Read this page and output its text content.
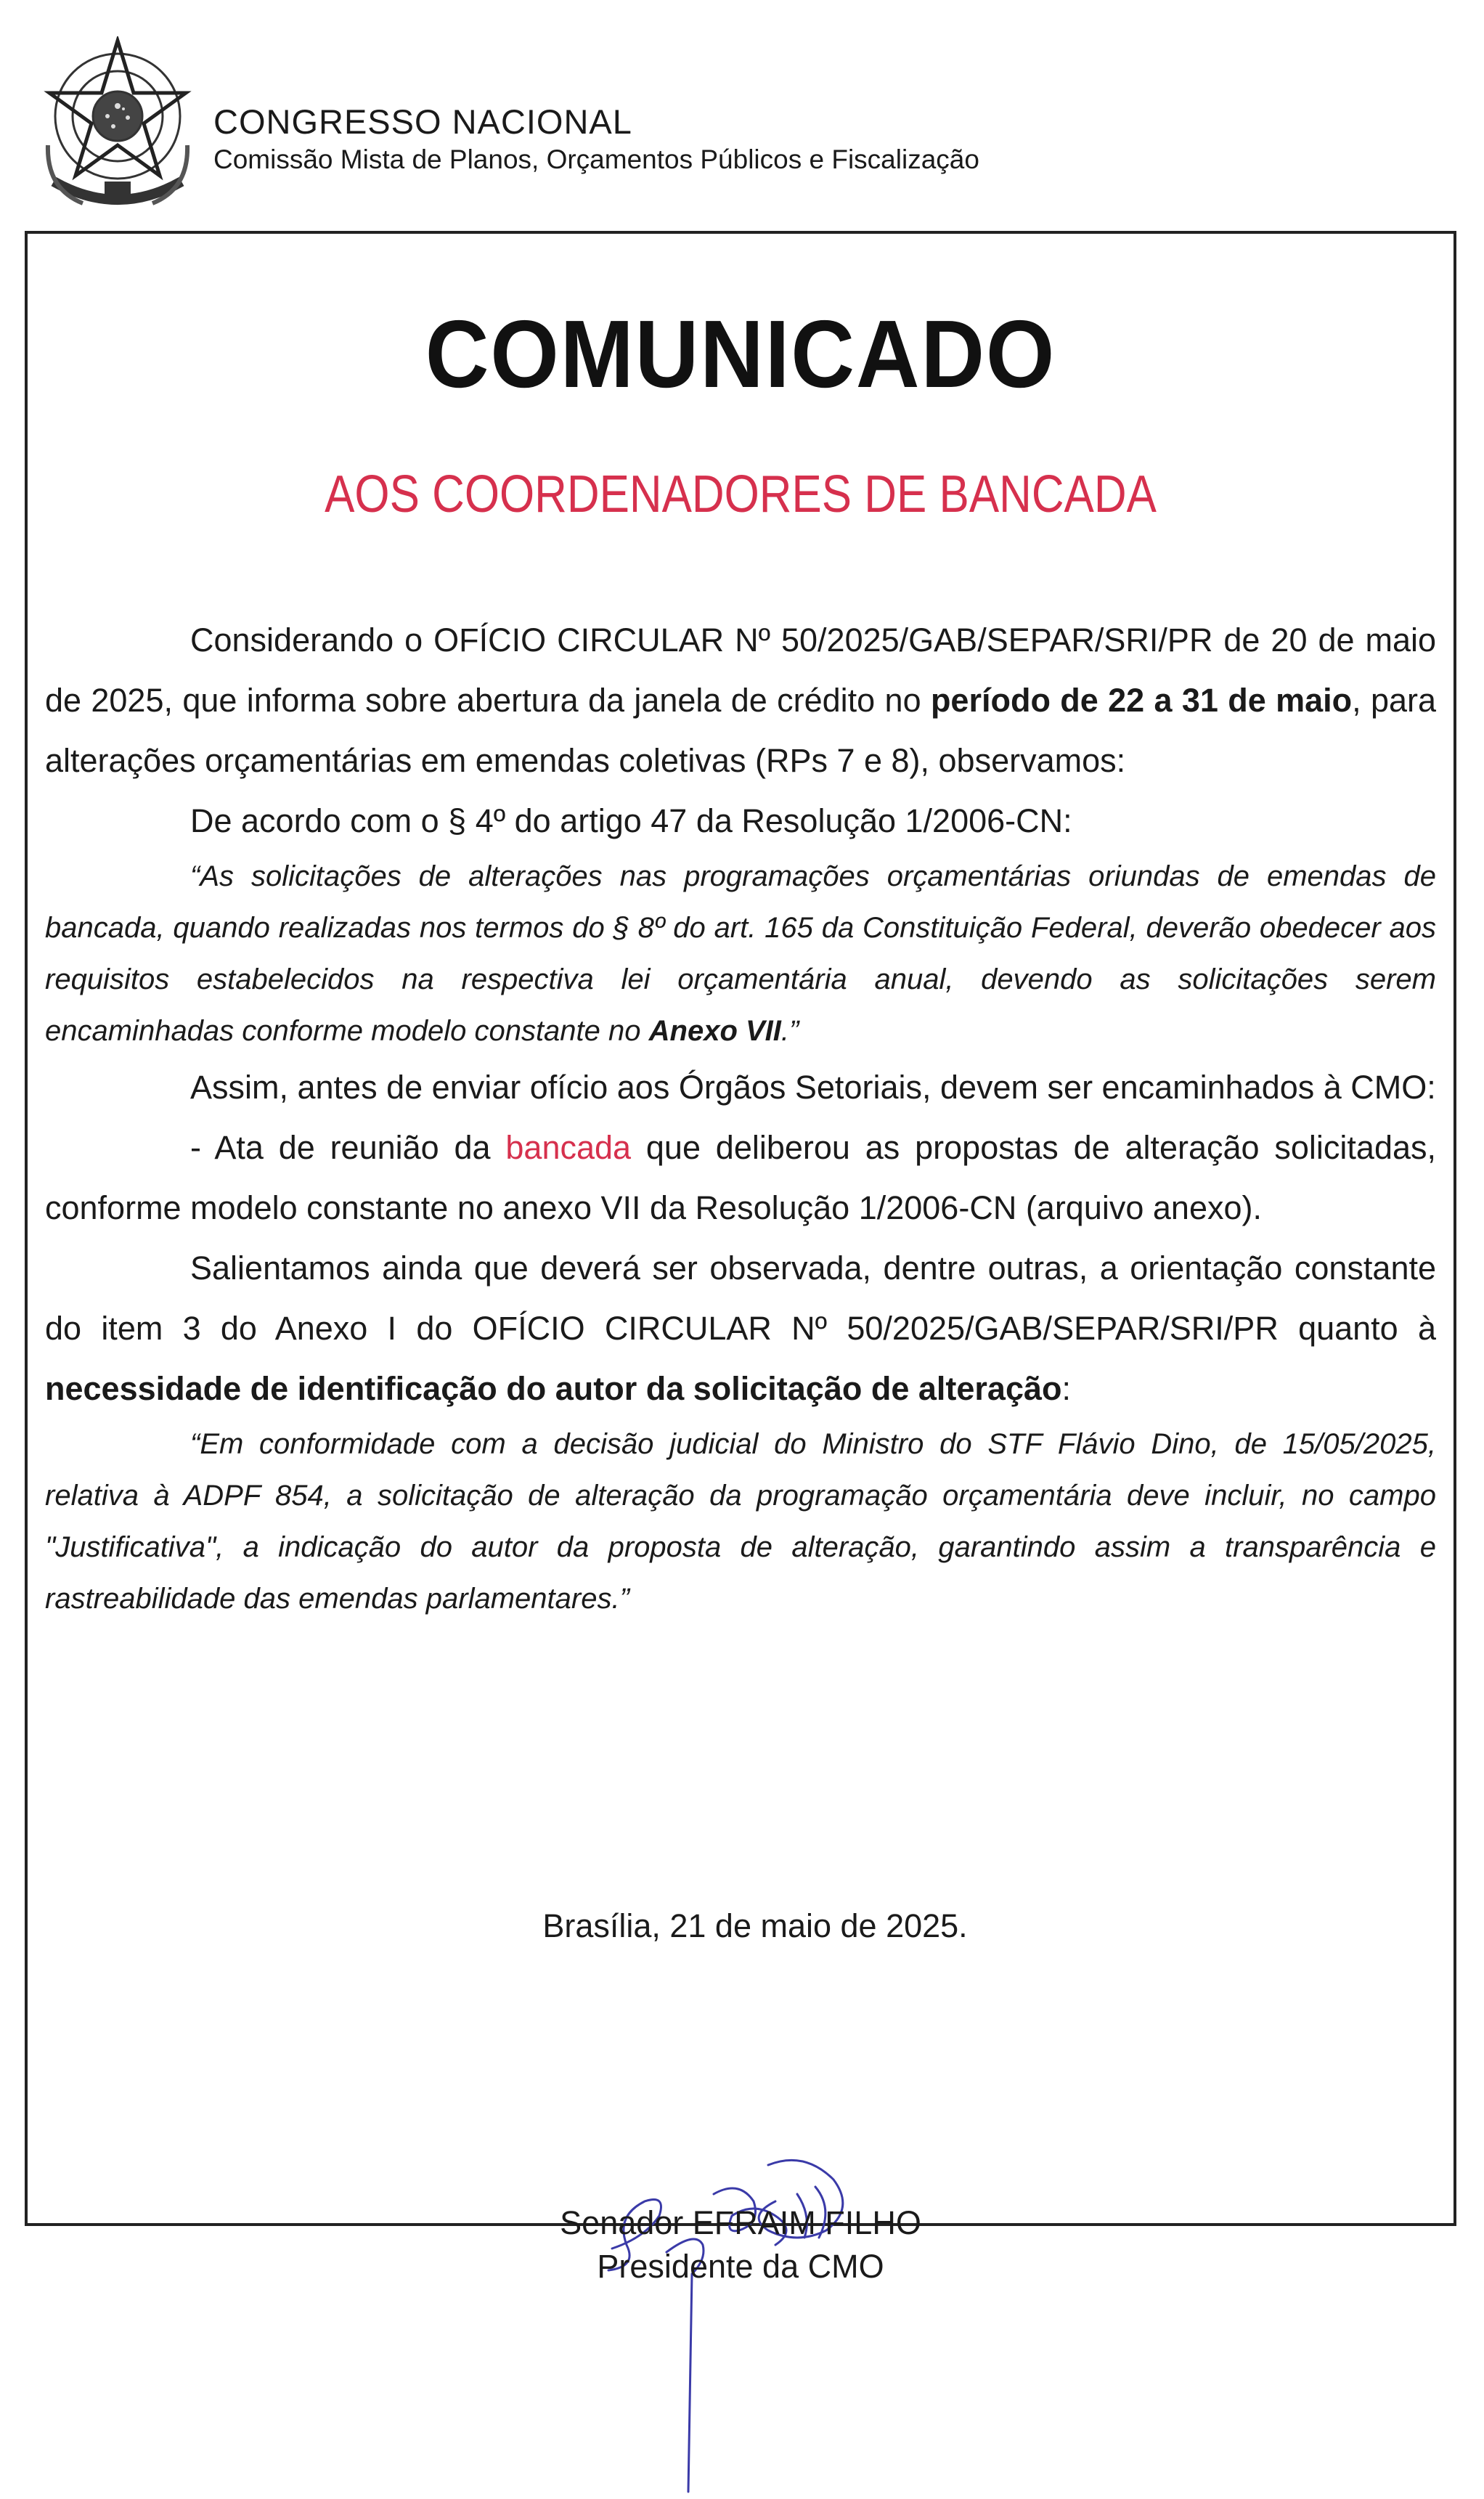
CONGRESSO NACIONAL
Comissão Mista de Planos, Orçamentos Públicos e Fiscalização
COMUNICADO
AOS COORDENADORES DE BANCADA

Considerando o OFÍCIO CIRCULAR Nº 50/2025/GAB/SEPAR/SRI/PR de 20 de maio de 2025, que informa sobre abertura da janela de crédito no período de 22 a 31 de maio, para alterações orçamentárias em emendas coletivas (RPs 7 e 8), observamos:

De acordo com o § 4º do artigo 47 da Resolução 1/2006-CN:

“As solicitações de alterações nas programações orçamentárias oriundas de emendas de bancada, quando realizadas nos termos do § 8º do art. 165 da Constituição Federal, deverão obedecer aos requisitos estabelecidos na respectiva lei orçamentária anual, devendo as solicitações serem encaminhadas conforme modelo constante no Anexo VII.”

Assim, antes de enviar ofício aos Órgãos Setoriais, devem ser encaminhados à CMO:

- Ata de reunião da bancada que deliberou as propostas de alteração solicitadas, conforme modelo constante no anexo VII da Resolução 1/2006-CN (arquivo anexo).

Salientamos ainda que deverá ser observada, dentre outras, a orientação constante do item 3 do Anexo I do OFÍCIO CIRCULAR Nº 50/2025/GAB/SEPAR/SRI/PR quanto à necessidade de identificação do autor da solicitação de alteração:

“Em conformidade com a decisão judicial do Ministro do STF Flávio Dino, de 15/05/2025, relativa à ADPF 854, a solicitação de alteração da programação orçamentária deve incluir, no campo "Justificativa", a indicação do autor da proposta de alteração, garantindo assim a transparência e rastreabilidade das emendas parlamentares.”

Brasília, 21 de maio de 2025.
Senador EFRAIM FILHO
Presidente da CMO
